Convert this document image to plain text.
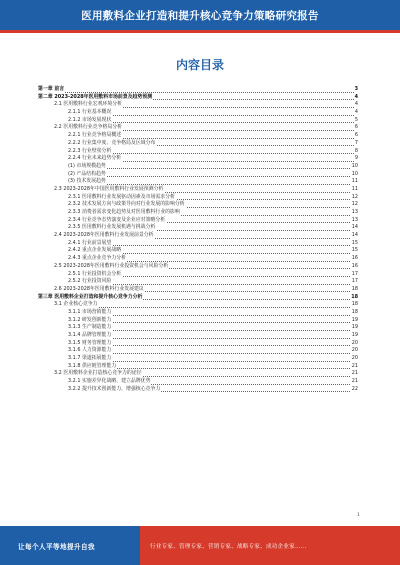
医用敷料企业打造和提升核心竞争力策略研究报告
内容目录
第一章 前言	3
第二章 2023-2028年医用敷料市场前景及趋势预测	4
2.1 医用敷料行业宏观环境分析	4
2.1.1 行业基本概况	4
2.1.2 市场发展现状	5
2.2 医用敷料行业竞争格局分析	6
2.2.1 行业竞争格局概述	6
2.2.2 行业集中度、竞争格局及区域分布	7
2.2.3 行业壁垒分析	8
2.2.4 行业未来趋势分析	9
(1) 市场规模趋势	10
(2) 产品结构趋势	10
(3) 技术发展趋势	11
2.3 2023-2028年中国医用敷料行业发展预测分析	11
2.3.1 医用敷料行业发展驱动因素及市场需求分析	12
2.3.2 技术发展方向与政策导向对行业发展的影响分析	12
2.3.3 消费者需求变化趋势及对医用敷料行业的影响	13
2.3.4 行业竞争态势演变及企业应对策略分析	13
2.3.5 医用敷料行业发展机遇与挑战分析	14
2.4 2023-2028年医用敷料行业发展前景分析	14
2.4.1 行业前景展望	15
2.4.2 重点企业发展战略	15
2.4.3 重点企业竞争力分析	16
2.5 2023-2028年医用敷料行业投资机会与风险分析	16
2.5.1 行业投资机会分析	17
2.5.2 行业投资风险	17
2.6 2023-2028年医用敷料行业发展建议	18
第三章 医用敷料企业打造和提升核心竞争力分析	18
3.1 企业核心竞争力	18
3.1.1 市场营销能力	18
3.1.2 研发创新能力	19
3.1.3 生产制造能力	19
3.1.4 品牌管理能力	19
3.1.5 财务管理能力	20
3.1.6 人力资源能力	20
3.1.7 渠道拓展能力	20
3.1.8 供应链管理能力	21
3.2 医用敷料企业打造核心竞争力的途径	21
3.2.1 实施差异化战略，建立品牌优势	21
3.2.2 提升技术创新能力，增强核心竞争力	22
1
让每个人平等地提升自我	行业专家、管理专家、营销专家、战略专家、成功企业家……
